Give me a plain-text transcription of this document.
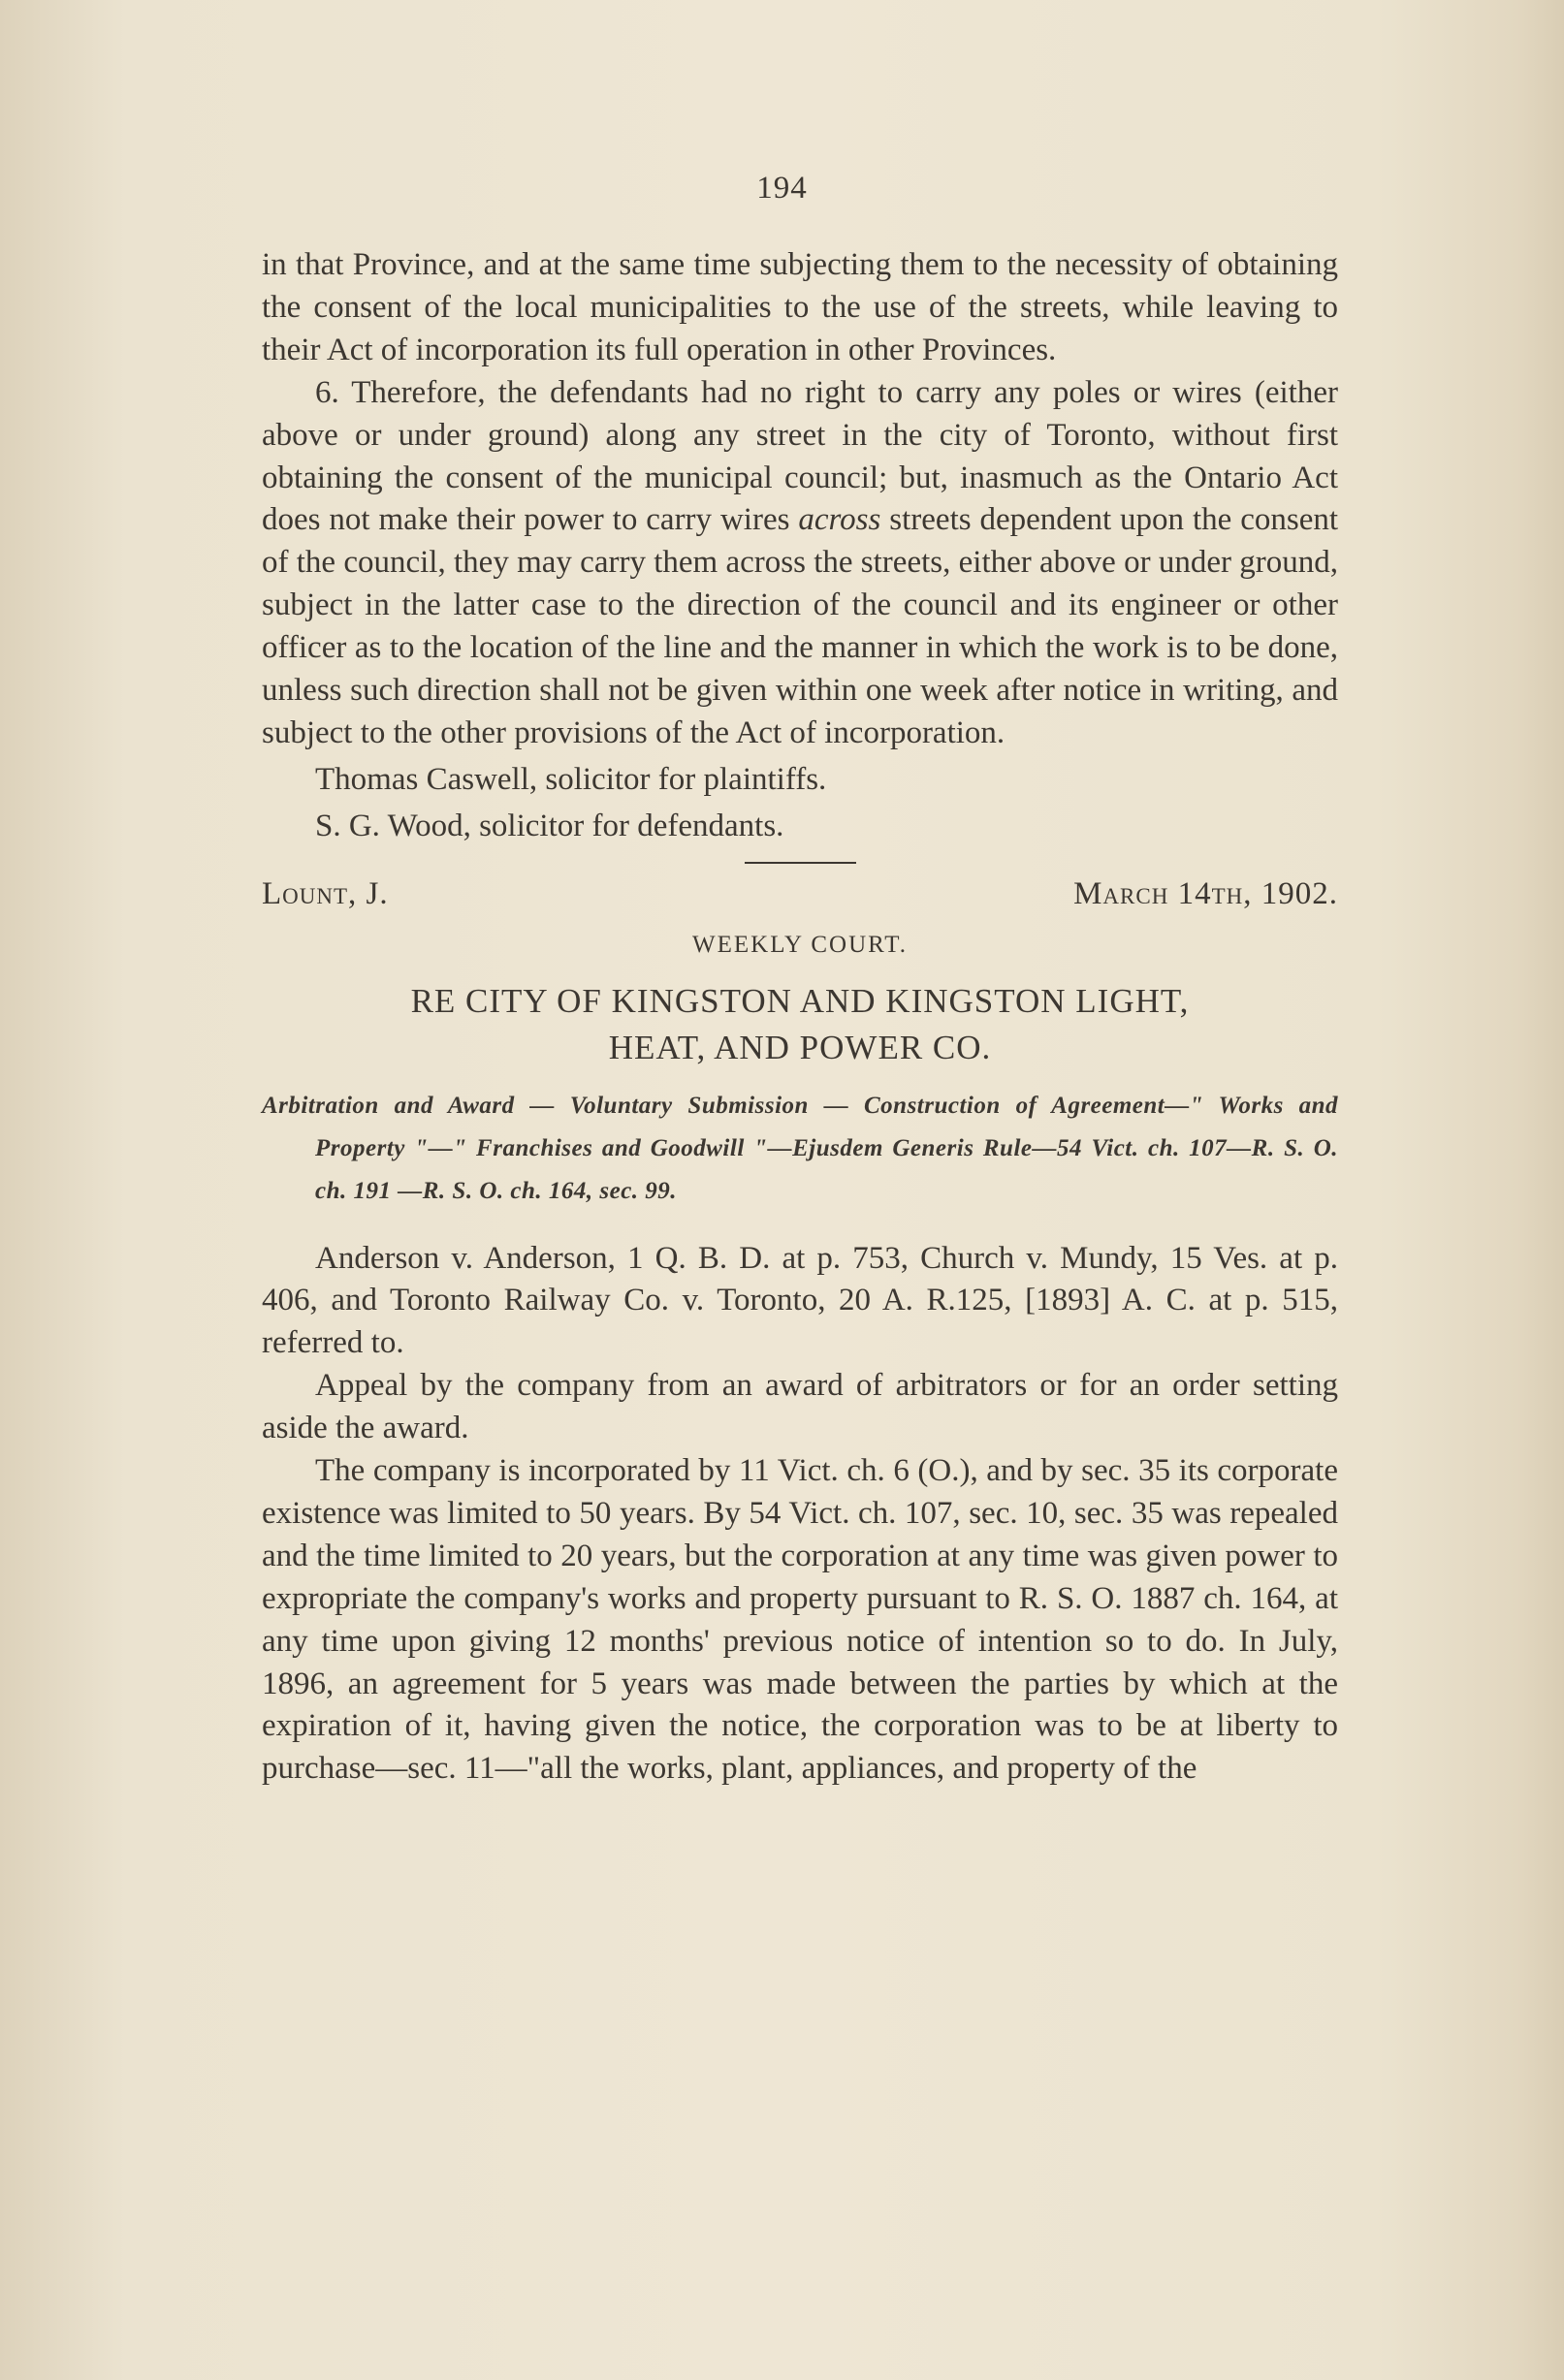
194

in that Province, and at the same time subjecting them to the necessity of obtaining the consent of the local municipalities to the use of the streets, while leaving to their Act of incorporation its full operation in other Provinces.

6. Therefore, the defendants had no right to carry any poles or wires (either above or under ground) along any street in the city of Toronto, without first obtaining the consent of the municipal council; but, inasmuch as the Ontario Act does not make their power to carry wires across streets dependent upon the consent of the council, they may carry them across the streets, either above or under ground, subject in the latter case to the direction of the council and its engineer or other officer as to the location of the line and the manner in which the work is to be done, unless such direction shall not be given within one week after notice in writing, and subject to the other provisions of the Act of incorporation.

Thomas Caswell, solicitor for plaintiffs.

S. G. Wood, solicitor for defendants.

Lount, J.	March 14th, 1902.
WEEKLY COURT.

RE CITY OF KINGSTON AND KINGSTON LIGHT,
HEAT, AND POWER CO.

Arbitration and Award — Voluntary Submission — Construction of Agreement—" Works and Property "—" Franchises and Goodwill "—Ejusdem Generis Rule—54 Vict. ch. 107—R. S. O. ch. 191 —R. S. O. ch. 164, sec. 99.

Anderson v. Anderson, 1 Q. B. D. at p. 753, Church v. Mundy, 15 Ves. at p. 406, and Toronto Railway Co. v. Toronto, 20 A. R.125, [1893] A. C. at p. 515, referred to.

Appeal by the company from an award of arbitrators or for an order setting aside the award.

The company is incorporated by 11 Vict. ch. 6 (O.), and by sec. 35 its corporate existence was limited to 50 years. By 54 Vict. ch. 107, sec. 10, sec. 35 was repealed and the time limited to 20 years, but the corporation at any time was given power to expropriate the company's works and property pursuant to R. S. O. 1887 ch. 164, at any time upon giving 12 months' previous notice of intention so to do. In July, 1896, an agreement for 5 years was made between the parties by which at the expiration of it, having given the notice, the corporation was to be at liberty to purchase—sec. 11—"all the works, plant, appliances, and property of the
